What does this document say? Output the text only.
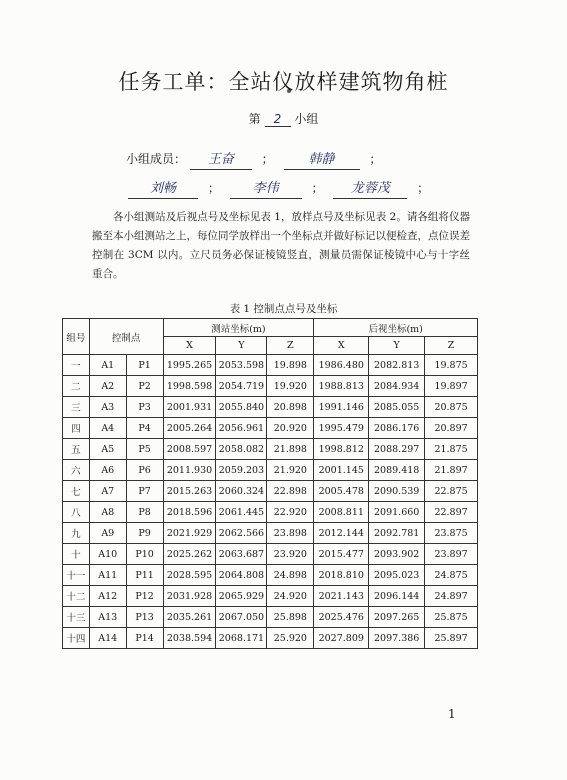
任务工单：全站仪放样建筑物角桩
第 2 小组
小组成员： 王奋 ；	韩静	；
刘畅	；	李伟	； 龙蓉茂 ；
各小组测站及后视点号及坐标见表 1，放样点号及坐标见表 2。请各组将仪器搬至本小组测站之上，每位同学放样出一个坐标点并做好标记以便检查，点位误差控制在 3CM 以内。立尺员务必保证棱镜竖直，测量员需保证棱镜中心与十字丝重合。
表 1 控制点点号及坐标
组号	控制点		测站坐标(m)			后视坐标(m)		
			X	Y	Z	X	Y	Z
一	A1	P1	1995.265	2053.598	19.898	1986.480	2082.813	19.875
二	A2	P2	1998.598	2054.719	19.920	1988.813	2084.934	19.897
三	A3	P3	2001.931	2055.840	20.898	1991.146	2085.055	20.875
四	A4	P4	2005.264	2056.961	20.920	1995.479	2086.176	20.897
五	A5	P5	2008.597	2058.082	21.898	1998.812	2088.297	21.875
六	A6	P6	2011.930	2059.203	21.920	2001.145	2089.418	21.897
七	A7	P7	2015.263	2060.324	22.898	2005.478	2090.539	22.875
八	A8	P8	2018.596	2061.445	22.920	2008.811	2091.660	22.897
九	A9	P9	2021.929	2062.566	23.898	2012.144	2092.781	23.875
十	A10	P10	2025.262	2063.687	23.920	2015.477	2093.902	23.897
十一	A11	P11	2028.595	2064.808	24.898	2018.810	2095.023	24.875
十二	A12	P12	2031.928	2065.929	24.920	2021.143	2096.144	24.897
十三	A13	P13	2035.261	2067.050	25.898	2025.476	2097.265	25.875
十四	A14	P14	2038.594	2068.171	25.920	2027.809	2097.386	25.897
1
